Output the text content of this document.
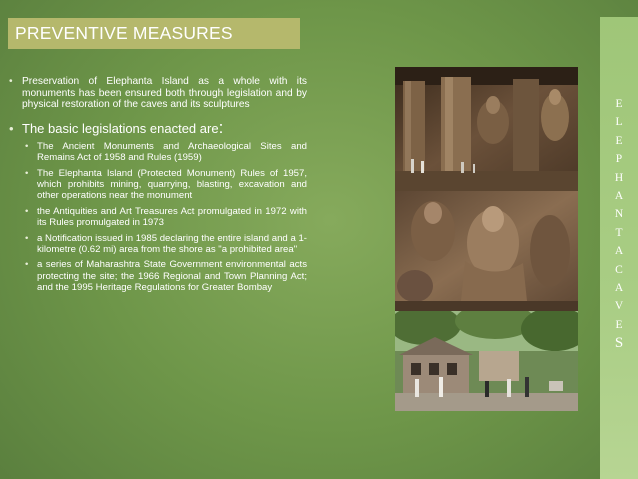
PREVENTIVE MEASURES
• Preservation of Elephanta Island as a whole with its monuments has been ensured both through legislation and by physical restoration of the caves and its sculptures
• The basic legislations enacted are:
• The Ancient Monuments and Archaeological Sites and Remains Act of 1958 and Rules (1959)
• The Elephanta Island (Protected Monument) Rules of 1957, which prohibits mining, quarrying, blasting, excavation and other operations near the monument
• the Antiquities and Art Treasures Act promulgated in 1972 with its Rules promulgated in 1973
• a Notification issued in 1985 declaring the entire island and a 1-kilometre (0.62 mi) area from the shore as "a prohibited area"
• a series of Maharashtra State Government environmental acts protecting the site; the 1966 Regional and Town Planning Act; and the 1995 Heritage Regulations for Greater Bombay
E
L
E
P
H
A
N
T
A
C
A
V
E
S
